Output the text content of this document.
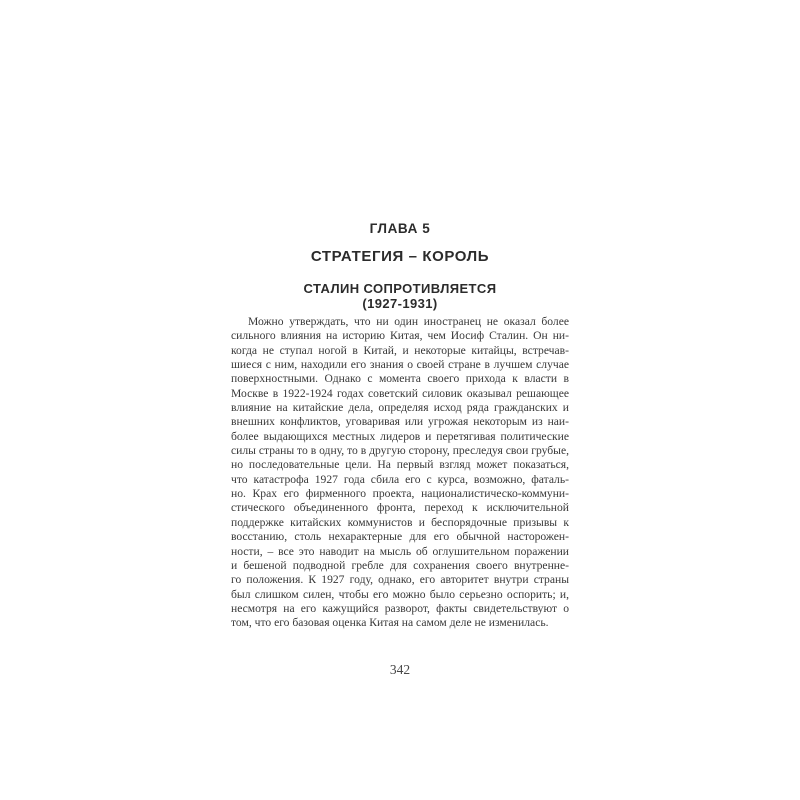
ГЛАВА 5
СТРАТЕГИЯ – КОРОЛЬ
СТАЛИН СОПРОТИВЛЯЕТСЯ
(1927-1931)
Можно утверждать, что ни один иностранец не оказал более
сильного влияния на историю Китая, чем Иосиф Сталин. Он ни-
когда не ступал ногой в Китай, и некоторые китайцы, встречав-
шиеся с ним, находили его знания о своей стране в лучшем случае
поверхностными. Однако с момента своего прихода к власти в
Москве в 1922-1924 годах советский силовик оказывал решающее
влияние на китайские дела, определяя исход ряда гражданских и
внешних конфликтов, уговаривая или угрожая некоторым из наи-
более выдающихся местных лидеров и перетягивая политические
силы страны то в одну, то в другую сторону, преследуя свои грубые,
но последовательные цели. На первый взгляд может показаться,
что катастрофа 1927 года сбила его с курса, возможно, фаталь-
но. Крах его фирменного проекта, националистическо-коммуни-
стического объединенного фронта, переход к исключительной
поддержке китайских коммунистов и беспорядочные призывы к
восстанию, столь нехарактерные для его обычной насторожен-
ности, – все это наводит на мысль об оглушительном поражении
и бешеной подводной гребле для сохранения своего внутренне-
го положения. К 1927 году, однако, его авторитет внутри страны
был слишком силен, чтобы его можно было серьезно оспорить; и,
несмотря на его кажущийся разворот, факты свидетельствуют о
том, что его базовая оценка Китая на самом деле не изменилась.
342
